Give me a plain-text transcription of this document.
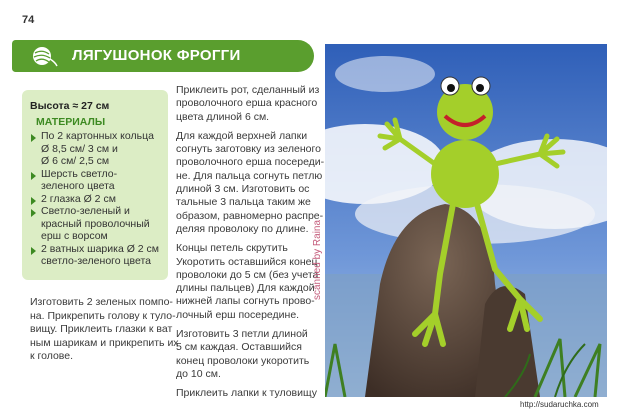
74
ЛЯГУШОНОК ФРОГГИ
Высота ≈ 27 см
МАТЕРИАЛЫ
По 2 картонных кольца
Ø 8,5 см/ 3 см и
Ø 6 см/ 2,5 см
Шерсть светло-
зеленого цвета
2 глазка Ø 2 см
Светло-зеленый и
красный проволочный
ерш с ворсом
2 ватных шарика Ø 2 см
светло-зеленого цвета
Изготовить 2 зеленых помпо-
на. Прикрепить голову к туло-
вищу. Приклеить глазки к ват
ным шарикам и прикрепить их
к голове.
Приклеить рот, сделанный из
проволочного ерша красного
цвета длиной 6 см.
Для каждой верхней лапки
согнуть заготовку из зеленого
проволочного ерша посереди-
не. Для пальца согнуть петлю
длиной 3 см. Изготовить ос
тальные 3 пальца таким же
образом, равномерно распре-
деляя проволоку по длине.
Концы петель скрутить
Укоротить оставшийся конец
проволоки до 5 см (без учета
длины пальцев) Для каждой
нижней лапы согнуть прово-
лочный ерш посередине.
Изготовить 3 петли длиной
5 см каждая. Оставшийся
конец проволоки укоротить
до 10 см.
Приклеить лапки к туловищу
scanned by Raina
http://sudaruchka.com
